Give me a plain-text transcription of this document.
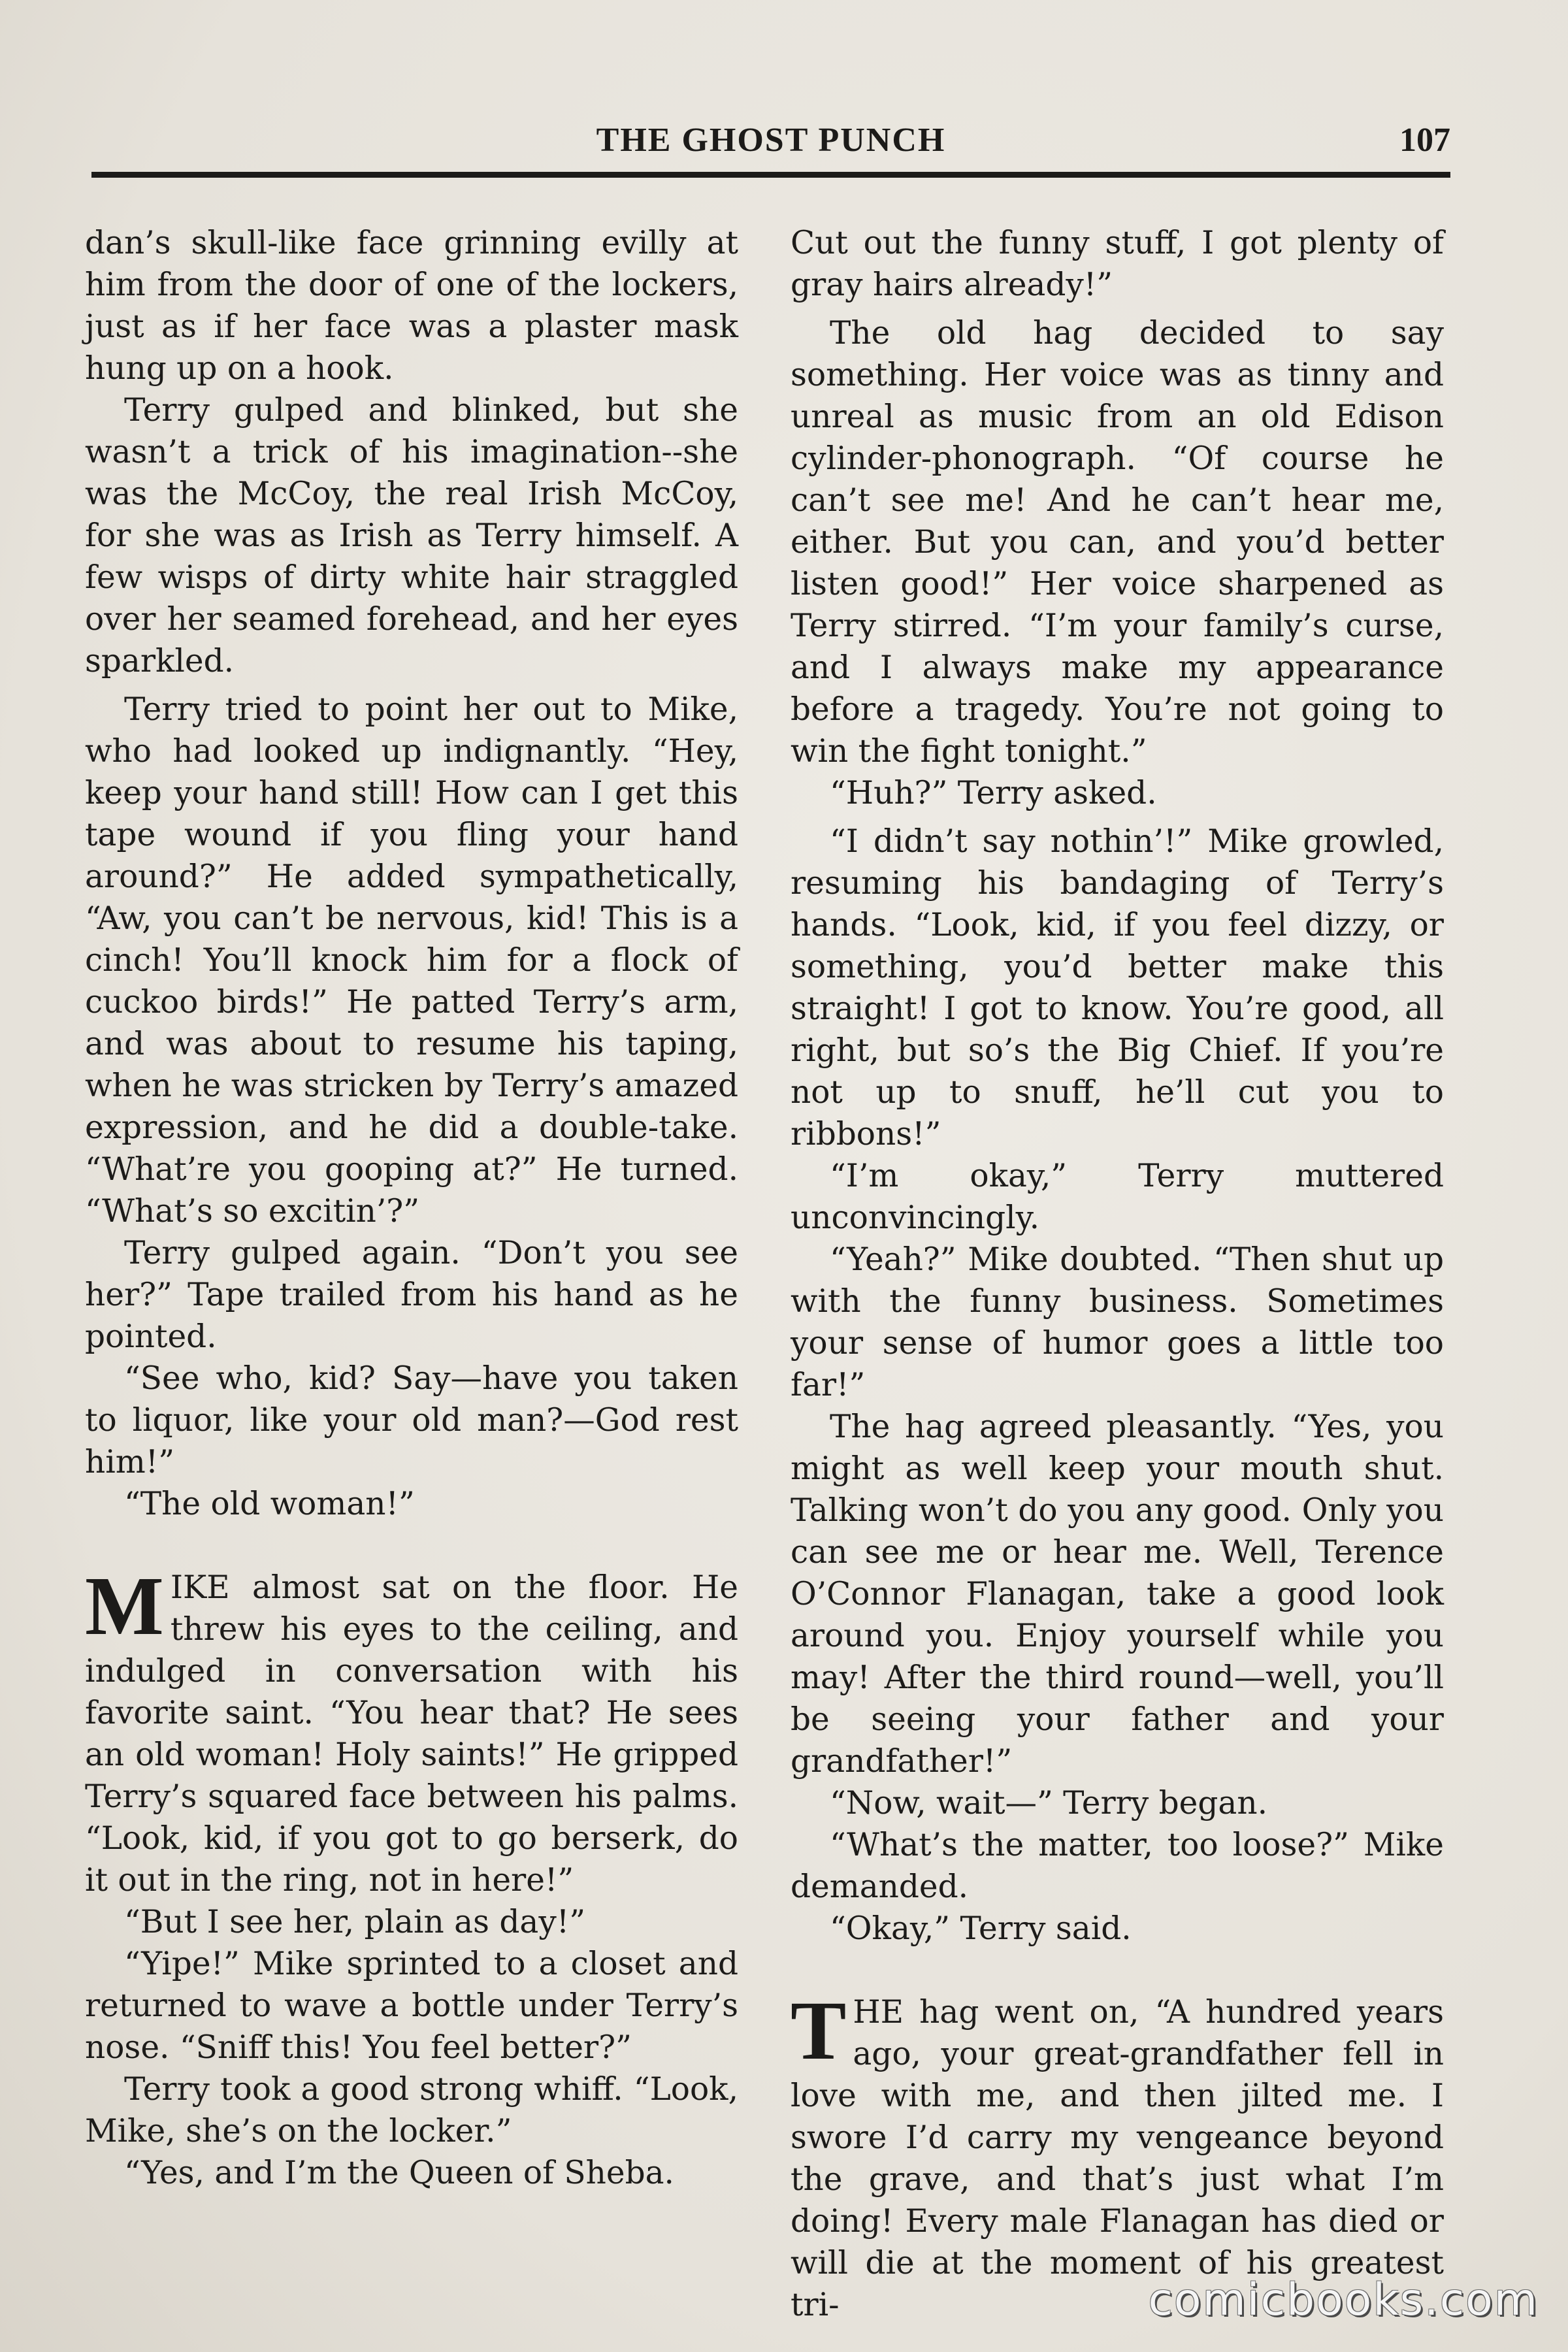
THE GHOST PUNCH	107

dan’s skull-like face grinning evilly at him from the door of one of the lockers, just as if her face was a plaster mask hung up on a hook.

Terry gulped and blinked, but she wasn’t a trick of his imagination--she was the McCoy, the real Irish McCoy, for she was as Irish as Terry himself. A few wisps of dirty white hair straggled over her seamed forehead, and her eyes sparkled.

Terry tried to point her out to Mike, who had looked up indignantly. “Hey, keep your hand still! How can I get this tape wound if you fling your hand around?” He added sympathetically, “Aw, you can’t be nervous, kid! This is a cinch! You’ll knock him for a flock of cuckoo birds!” He patted Terry’s arm, and was about to resume his taping, when he was stricken by Terry’s amazed expression, and he did a double-take. “What’re you gooping at?” He turned. “What’s so excitin’?”

Terry gulped again. “Don’t you see her?” Tape trailed from his hand as he pointed.

“See who, kid? Say—have you taken to liquor, like your old man?—God rest him!”

“The old woman!”

MIKE almost sat on the floor. He threw his eyes to the ceiling, and indulged in conversation with his favorite saint. “You hear that? He sees an old woman! Holy saints!” He gripped Terry’s squared face between his palms. “Look, kid, if you got to go berserk, do it out in the ring, not in here!”

“But I see her, plain as day!”

“Yipe!” Mike sprinted to a closet and returned to wave a bottle under Terry’s nose. “Sniff this! You feel better?”

Terry took a good strong whiff. “Look, Mike, she’s on the locker.”

“Yes, and I’m the Queen of Sheba.

Cut out the funny stuff, I got plenty of gray hairs already!”

The old hag decided to say something. Her voice was as tinny and unreal as music from an old Edison cylinder-phonograph. “Of course he can’t see me! And he can’t hear me, either. But you can, and you’d better listen good!” Her voice sharpened as Terry stirred. “I’m your family’s curse, and I always make my appearance before a tragedy. You’re not going to win the fight tonight.”

“Huh?” Terry asked.

“I didn’t say nothin’!” Mike growled, resuming his bandaging of Terry’s hands. “Look, kid, if you feel dizzy, or something, you’d better make this straight! I got to know. You’re good, all right, but so’s the Big Chief. If you’re not up to snuff, he’ll cut you to ribbons!”

“I’m okay,” Terry muttered unconvincingly.

“Yeah?” Mike doubted. “Then shut up with the funny business. Sometimes your sense of humor goes a little too far!”

The hag agreed pleasantly. “Yes, you might as well keep your mouth shut. Talking won’t do you any good. Only you can see me or hear me. Well, Terence O’Connor Flanagan, take a good look around you. Enjoy yourself while you may! After the third round—well, you’ll be seeing your father and your grandfather!”

“Now, wait—” Terry began.

“What’s the matter, too loose?” Mike demanded.

“Okay,” Terry said.

THE hag went on, “A hundred years ago, your great-grandfather fell in love with me, and then jilted me. I swore I’d carry my vengeance beyond the grave, and that’s just what I’m doing! Every male Flanagan has died or will die at the moment of his greatest tri-	comicbooks.com
